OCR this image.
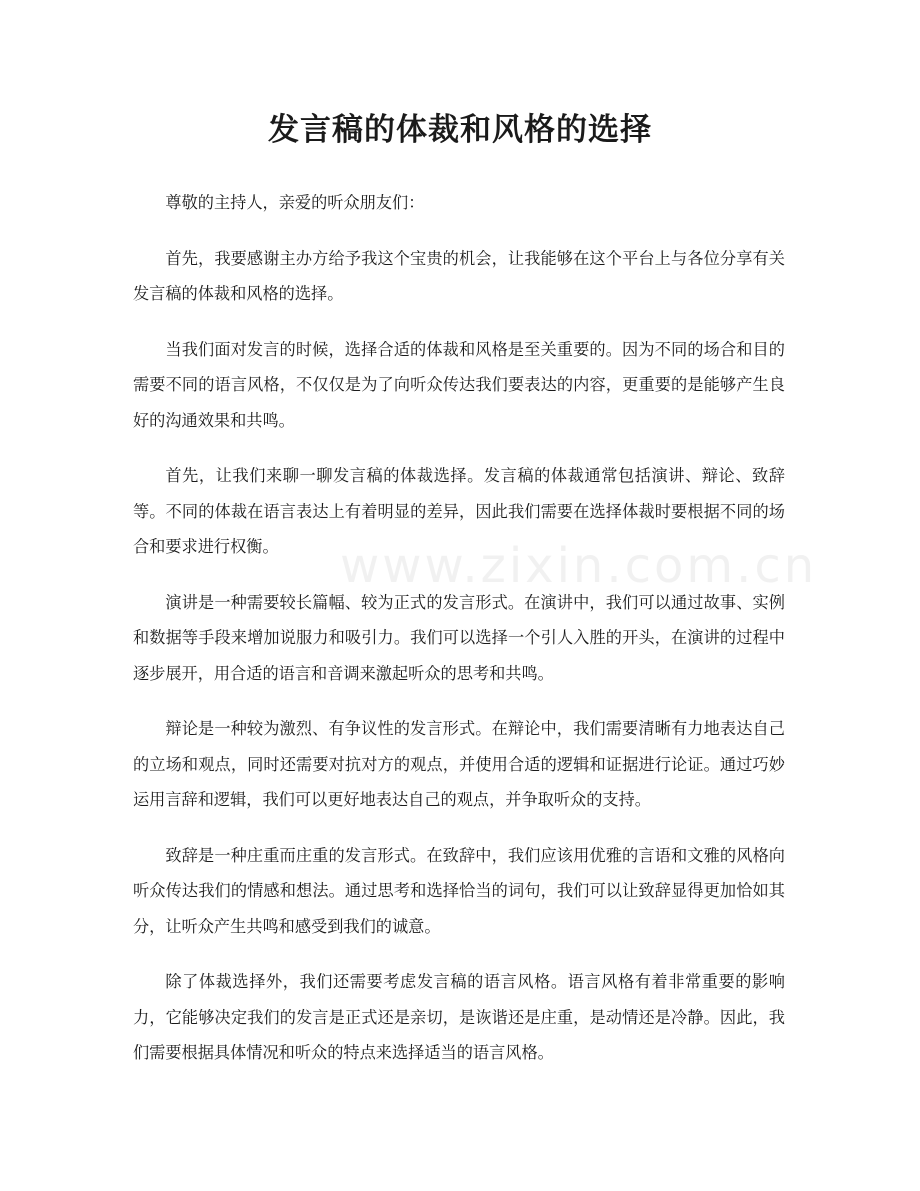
发言稿的体裁和风格的选择
www.zixin.com.cn

尊敬的主持人，亲爱的听众朋友们：

首先，我要感谢主办方给予我这个宝贵的机会，让我能够在这个平台上与各位分享有关发言稿的体裁和风格的选择。

当我们面对发言的时候，选择合适的体裁和风格是至关重要的。因为不同的场合和目的需要不同的语言风格，不仅仅是为了向听众传达我们要表达的内容，更重要的是能够产生良好的沟通效果和共鸣。

首先，让我们来聊一聊发言稿的体裁选择。发言稿的体裁通常包括演讲、辩论、致辞等。不同的体裁在语言表达上有着明显的差异，因此我们需要在选择体裁时要根据不同的场合和要求进行权衡。

演讲是一种需要较长篇幅、较为正式的发言形式。在演讲中，我们可以通过故事、实例和数据等手段来增加说服力和吸引力。我们可以选择一个引人入胜的开头，在演讲的过程中逐步展开，用合适的语言和音调来激起听众的思考和共鸣。

辩论是一种较为激烈、有争议性的发言形式。在辩论中，我们需要清晰有力地表达自己的立场和观点，同时还需要对抗对方的观点，并使用合适的逻辑和证据进行论证。通过巧妙运用言辞和逻辑，我们可以更好地表达自己的观点，并争取听众的支持。

致辞是一种庄重而庄重的发言形式。在致辞中，我们应该用优雅的言语和文雅的风格向听众传达我们的情感和想法。通过思考和选择恰当的词句，我们可以让致辞显得更加恰如其分，让听众产生共鸣和感受到我们的诚意。

除了体裁选择外，我们还需要考虑发言稿的语言风格。语言风格有着非常重要的影响力，它能够决定我们的发言是正式还是亲切，是诙谐还是庄重，是动情还是冷静。因此，我们需要根据具体情况和听众的特点来选择适当的语言风格。
